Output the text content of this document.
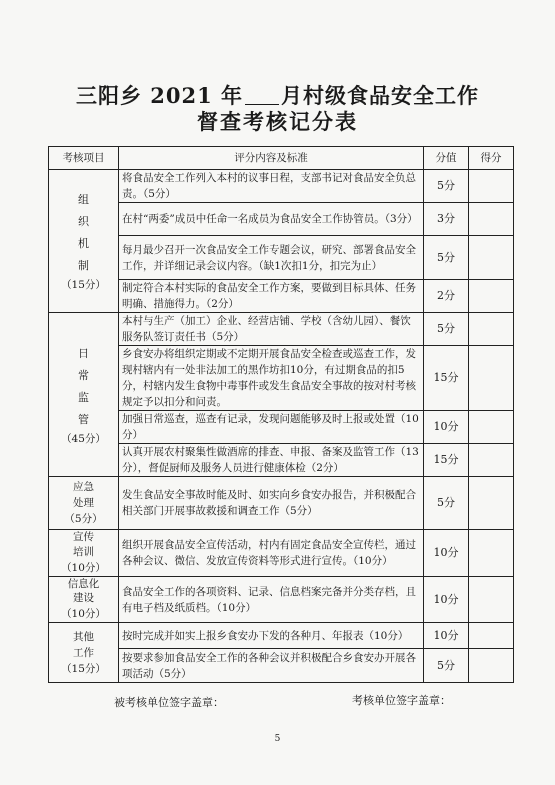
三阳乡 2021 年 月村级食品安全工作
督查考核记分表
考核项目	评分内容及标准	分值	得分
组织机制
（15分）	将食品安全工作列入本村的议事日程，支部书记对食品安全负总责。（5分）	5分	
	在村“两委”成员中任命一名成员为食品安全工作协管员。（3分）	3分	
	每月最少召开一次食品安全工作专题会议，研究、部署食品安全工作，并详细记录会议内容。（缺1次扣1分，扣完为止）	5分	
	制定符合本村实际的食品安全工作方案，要做到目标具体、任务明确、措施得力。（2分）	2分	
日常监管
（45分）	本村与生产（加工）企业、经营店铺、学校（含幼儿园）、餐饮服务队签订责任书（5分）	5分	
	乡食安办将组织定期或不定期开展食品安全检查或巡查工作，发现村辖内有一处非法加工的黑作坊扣10分，有过期食品的扣5分，村辖内发生食物中毒事件或发生食品安全事故的按对村考核规定予以扣分和问责。	15分	
	加强日常巡查，巡查有记录，发现问题能够及时上报或处置（10分）	10分	
	认真开展农村聚集性做酒席的排查、申报、备案及监管工作（13分），督促厨师及服务人员进行健康体检（2分）	15分	
应急处理
（5分）	发生食品安全事故时能及时、如实向乡食安办报告，并积极配合相关部门开展事故救援和调查工作（5分）	5分	
宣传培训
（10分）	组织开展食品安全宣传活动，村内有固定食品安全宣传栏，通过各种会议、微信、发放宣传资料等形式进行宣传。（10分）	10分	
信息化建设
（10分）	食品安全工作的各项资料、记录、信息档案完备并分类存档，且有电子档及纸质档。（10分）	10分	
其他工作
（15分）	按时完成并如实上报乡食安办下发的各种月、年报表（10分）	10分	
	按要求参加食品安全工作的各种会议并积极配合乡食安办开展各项活动（5分）	5分	
被考核单位签字盖章：	考核单位签字盖章：
5
